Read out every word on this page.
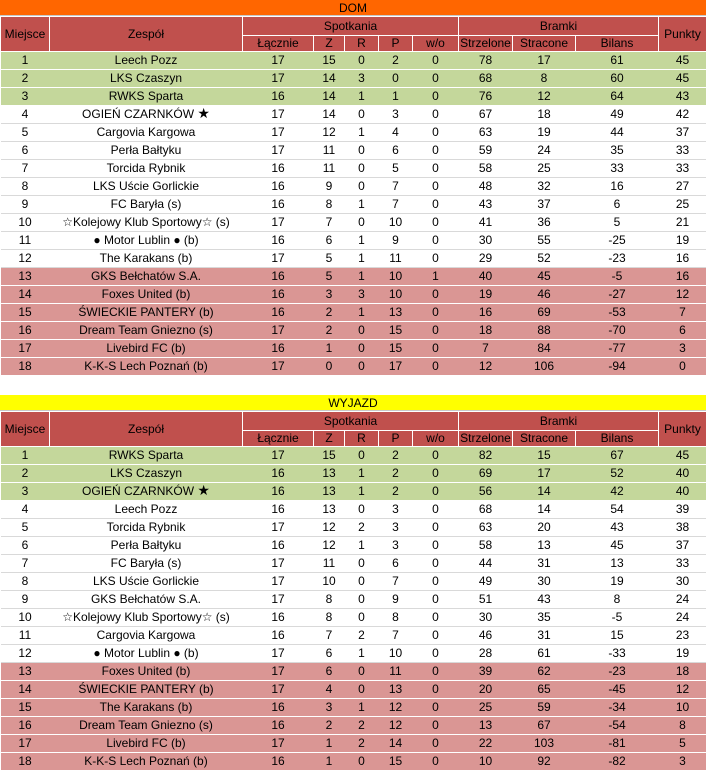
DOM
Miejsce	Zespół	Spotkania					Bramki			Punkty
		Łącznie	Z	R	P	w/o	Strzelone	Stracone	Bilans	
1	Leech Pozz	17	15	0	2	0	78	17	61	45
2	LKS Czaszyn	17	14	3	0	0	68	8	60	45
3	RWKS Sparta	16	14	1	1	0	76	12	64	43
4	OGIEŃ CZARNKÓW ★	17	14	0	3	0	67	18	49	42
5	Cargovia Kargowa	17	12	1	4	0	63	19	44	37
6	Perła Bałtyku	17	11	0	6	0	59	24	35	33
7	Torcida Rybnik	16	11	0	5	0	58	25	33	33
8	LKS Uście Gorlickie	16	9	0	7	0	48	32	16	27
9	FC Baryła (s)	16	8	1	7	0	43	37	6	25
10	☆Kolejowy Klub Sportowy☆ (s)	17	7	0	10	0	41	36	5	21
11	● Motor Lublin ● (b)	16	6	1	9	0	30	55	-25	19
12	The Karakans (b)	17	5	1	11	0	29	52	-23	16
13	GKS Bełchatów S.A.	16	5	1	10	1	40	45	-5	16
14	Foxes United (b)	16	3	3	10	0	19	46	-27	12
15	ŚWIECKIE PANTERY (b)	16	2	1	13	0	16	69	-53	7
16	Dream Team Gniezno (s)	17	2	0	15	0	18	88	-70	6
17	Livebird FC (b)	16	1	0	15	0	7	84	-77	3
18	K-K-S Lech Poznań (b)	17	0	0	17	0	12	106	-94	0
WYJAZD
Miejsce	Zespół	Spotkania					Bramki			Punkty
		Łącznie	Z	R	P	w/o	Strzelone	Stracone	Bilans	
1	RWKS Sparta	17	15	0	2	0	82	15	67	45
2	LKS Czaszyn	16	13	1	2	0	69	17	52	40
3	OGIEŃ CZARNKÓW ★	16	13	1	2	0	56	14	42	40
4	Leech Pozz	16	13	0	3	0	68	14	54	39
5	Torcida Rybnik	17	12	2	3	0	63	20	43	38
6	Perła Bałtyku	16	12	1	3	0	58	13	45	37
7	FC Baryła (s)	17	11	0	6	0	44	31	13	33
8	LKS Uście Gorlickie	17	10	0	7	0	49	30	19	30
9	GKS Bełchatów S.A.	17	8	0	9	0	51	43	8	24
10	☆Kolejowy Klub Sportowy☆ (s)	16	8	0	8	0	30	35	-5	24
11	Cargovia Kargowa	16	7	2	7	0	46	31	15	23
12	● Motor Lublin ● (b)	17	6	1	10	0	28	61	-33	19
13	Foxes United (b)	17	6	0	11	0	39	62	-23	18
14	ŚWIECKIE PANTERY (b)	17	4	0	13	0	20	65	-45	12
15	The Karakans (b)	16	3	1	12	0	25	59	-34	10
16	Dream Team Gniezno (s)	16	2	2	12	0	13	67	-54	8
17	Livebird FC (b)	17	1	2	14	0	22	103	-81	5
18	K-K-S Lech Poznań (b)	16	1	0	15	0	10	92	-82	3
